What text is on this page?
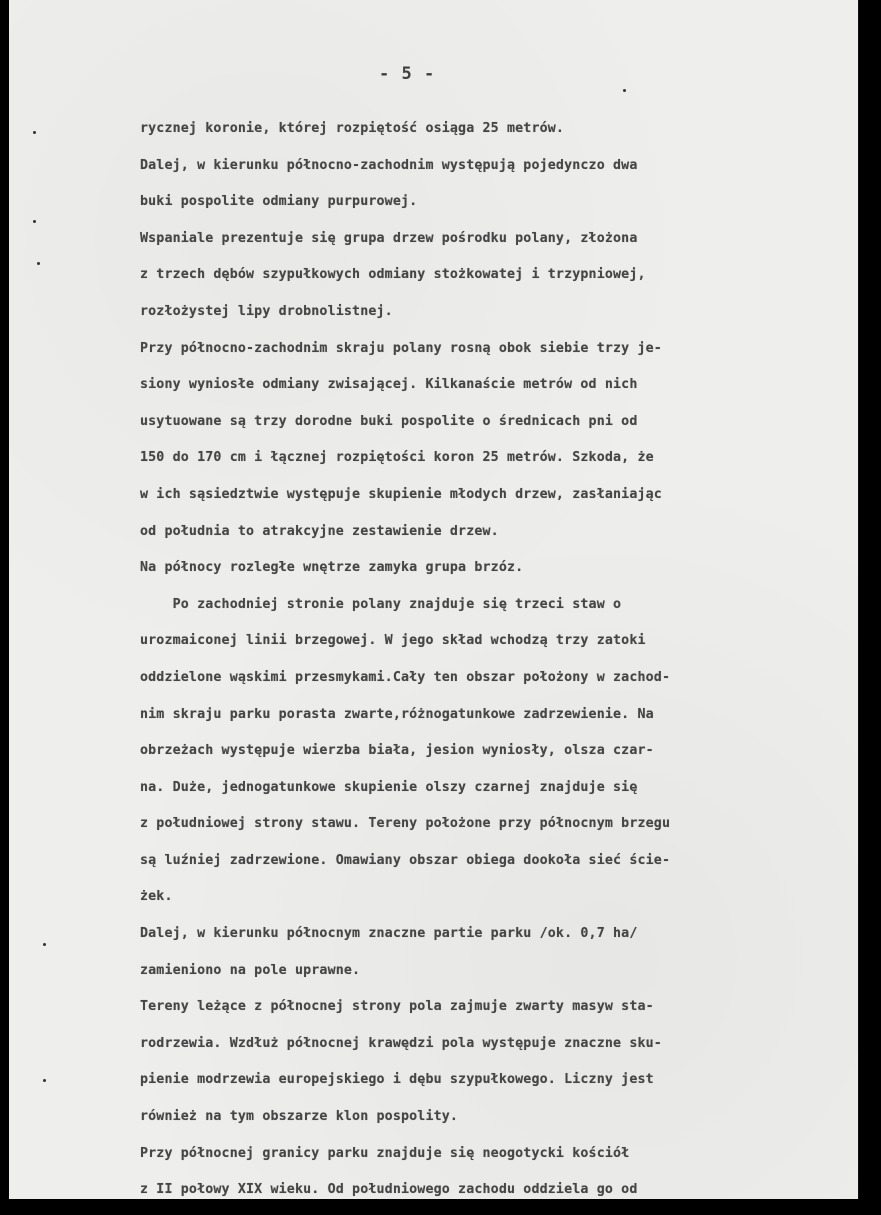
- 5 -
rycznej koronie, której rozpiętość osiąga 25 metrów.
Dalej, w kierunku północno-zachodnim występują pojedynczo dwa
buki pospolite odmiany purpurowej.
Wspaniale prezentuje się grupa drzew pośrodku polany, złożona
z trzech dębów szypułkowych odmiany stożkowatej i trzypniowej,
rozłożystej lipy drobnolistnej.
Przy północno-zachodnim skraju polany rosną obok siebie trzy je-
siony wyniosłe odmiany zwisającej. Kilkanaście metrów od nich
usytuowane są trzy dorodne buki pospolite o średnicach pni od
150 do 170 cm i łącznej rozpiętości koron 25 metrów. Szkoda, że
w ich sąsiedztwie występuje skupienie młodych drzew, zasłaniając
od południa to atrakcyjne zestawienie drzew.
Na północy rozległe wnętrze zamyka grupa brzóz.
Po zachodniej stronie polany znajduje się trzeci staw o
urozmaiconej linii brzegowej. W jego skład wchodzą trzy zatoki
oddzielone wąskimi przesmykami.Cały ten obszar położony w zachod-
nim skraju parku porasta zwarte,różnogatunkowe zadrzewienie. Na
obrzeżach występuje wierzba biała, jesion wyniosły, olsza czar-
na. Duże, jednogatunkowe skupienie olszy czarnej znajduje się
z południowej strony stawu. Tereny położone przy północnym brzegu
są luźniej zadrzewione. Omawiany obszar obiega dookoła sieć ście-
żek.
Dalej, w kierunku północnym znaczne partie parku /ok. 0,7 ha/
zamieniono na pole uprawne.
Tereny leżące z północnej strony pola zajmuje zwarty masyw sta-
rodrzewia. Wzdłuż północnej krawędzi pola występuje znaczne sku-
pienie modrzewia europejskiego i dębu szypułkowego. Liczny jest
również na tym obszarze klon pospolity.
Przy północnej granicy parku znajduje się neogotycki kościół
z II połowy XIX wieku. Od południowego zachodu oddziela go od
